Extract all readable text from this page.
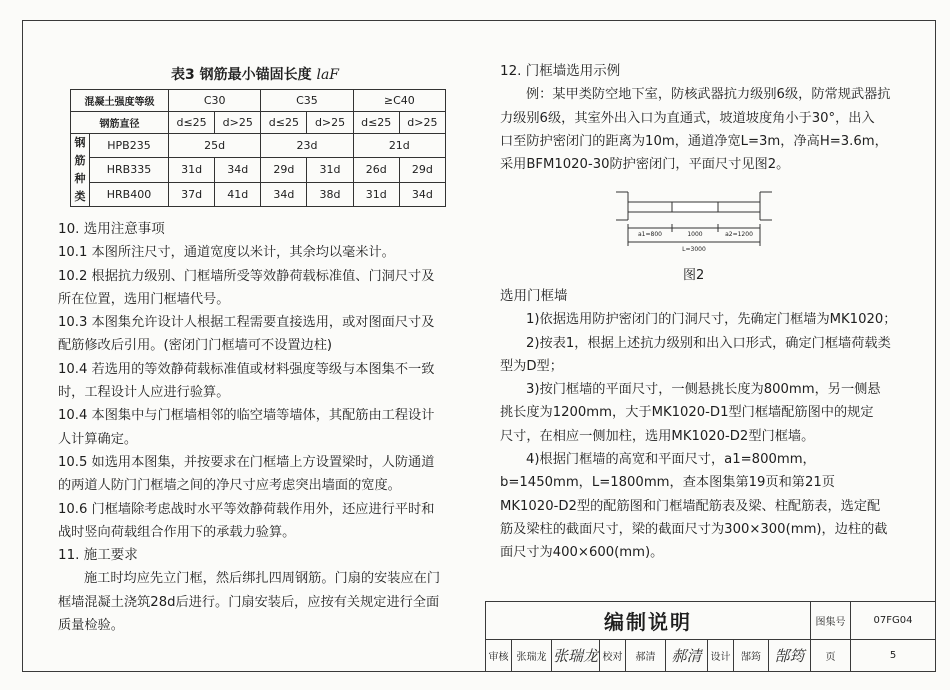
表3 钢筋最小锚固长度 laF
混凝土强度等级		C30		C35		≥C40	
钢筋直径		d≤25	d>25	d≤25	d>25	d≤25	d>25
钢
筋
种
类	HPB235	25d		23d		21d	
	HRB335	31d	34d	29d	31d	26d	29d
	HRB400	37d	41d	34d	38d	31d	34d

10. 选用注意事项

10.1 本图所注尺寸，通道宽度以米计，其余均以毫米计。

10.2 根据抗力级别、门框墙所受等效静荷载标准值、门洞尺寸及

所在位置，选用门框墙代号。

10.3 本图集允许设计人根据工程需要直接选用，或对图面尺寸及

配筋修改后引用。(密闭门门框墙可不设置边柱)

10.4 若选用的等效静荷载标准值或材料强度等级与本图集不一致

时，工程设计人应进行验算。

10.4 本图集中与门框墙相邻的临空墙等墙体，其配筋由工程设计

人计算确定。

10.5 如选用本图集，并按要求在门框墙上方设置梁时，人防通道

的两道人防门门框墙之间的净尺寸应考虑突出墙面的宽度。

10.6 门框墙除考虑战时水平等效静荷载作用外，还应进行平时和

战时竖向荷载组合作用下的承载力验算。

11. 施工要求

施工时均应先立门框，然后绑扎四周钢筋。门扇的安装应在门

框墙混凝土浇筑28d后进行。门扇安装后，应按有关规定进行全面

质量检验。

12. 门框墙选用示例

例：某甲类防空地下室，防核武器抗力级别6级，防常规武器抗

力级别6级，其室外出入口为直通式，坡道坡度角小于30°，出入

口至防护密闭门的距离为10m，通道净宽L=3m，净高H=3.6m，

采用BFM1020-30防护密闭门，平面尺寸见图2。

a1=800	1000	a2=1200
L=3000
图2

选用门框墙

1)依据选用防护密闭门的门洞尺寸，先确定门框墙为MK1020；

2)按表1，根据上述抗力级别和出入口形式，确定门框墙荷载类

型为D型；

3)按门框墙的平面尺寸，一侧悬挑长度为800mm，另一侧悬

挑长度为1200mm，大于MK1020-D1型门框墙配筋图中的规定

尺寸，在相应一侧加柱，选用MK1020-D2型门框墙。

4)根据门框墙的高宽和平面尺寸，a1=800mm，

b=1450mm，L=1800mm，查本图集第19页和第21页

MK1020-D2型的配筋图和门框墙配筋表及梁、柱配筋表，选定配

筋及梁柱的截面尺寸，梁的截面尺寸为300×300(mm)，边柱的截

面尺寸为400×600(mm)。

编制说明	图集号	07FG04
审核 张瑞龙 张瑞龙 校对	郝清	郝清 设计	郜筠 郜筠	页	5
